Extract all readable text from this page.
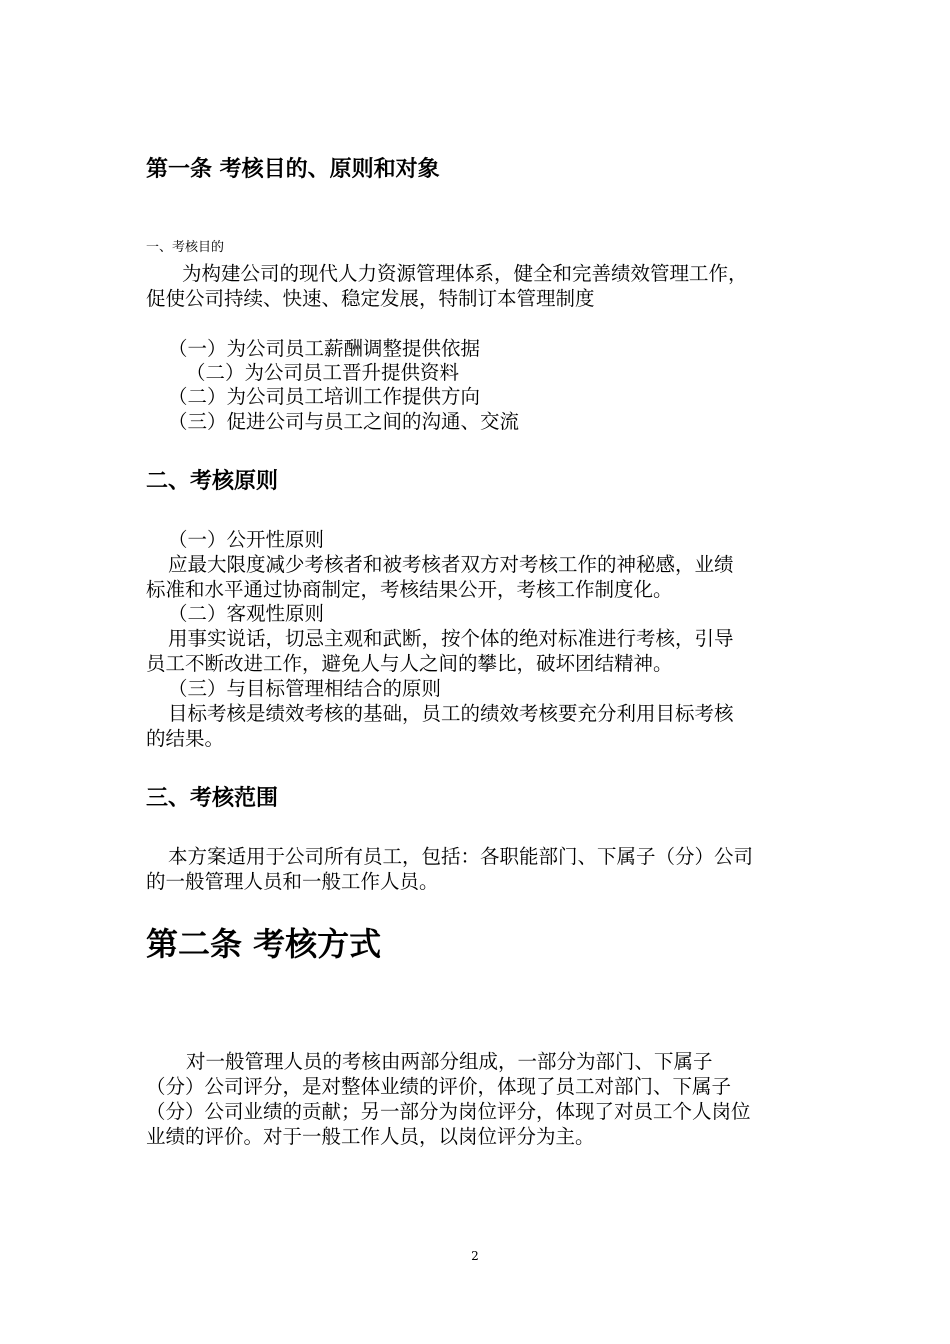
第一条 考核目的、原则和对象
一、考核目的
为构建公司的现代人力资源管理体系，健全和完善绩效管理工作，
促使公司持续、快速、稳定发展，特制订本管理制度
（一）为公司员工薪酬调整提供依据
（二）为公司员工晋升提供资料
（二）为公司员工培训工作提供方向
（三）促进公司与员工之间的沟通、交流
二、考核原则
（一）公开性原则
应最大限度减少考核者和被考核者双方对考核工作的神秘感，业绩
标准和水平通过协商制定，考核结果公开，考核工作制度化。
（二）客观性原则
用事实说话，切忌主观和武断，按个体的绝对标准进行考核，引导
员工不断改进工作，避免人与人之间的攀比，破坏团结精神。
（三）与目标管理相结合的原则
目标考核是绩效考核的基础，员工的绩效考核要充分利用目标考核
的结果。
三、考核范围
本方案适用于公司所有员工，包括：各职能部门、下属子（分）公司
的一般管理人员和一般工作人员。
第二条 考核方式
对一般管理人员的考核由两部分组成，一部分为部门、下属子
（分）公司评分，是对整体业绩的评价，体现了员工对部门、下属子
（分）公司业绩的贡献；另一部分为岗位评分，体现了对员工个人岗位
业绩的评价。对于一般工作人员，以岗位评分为主。
2
